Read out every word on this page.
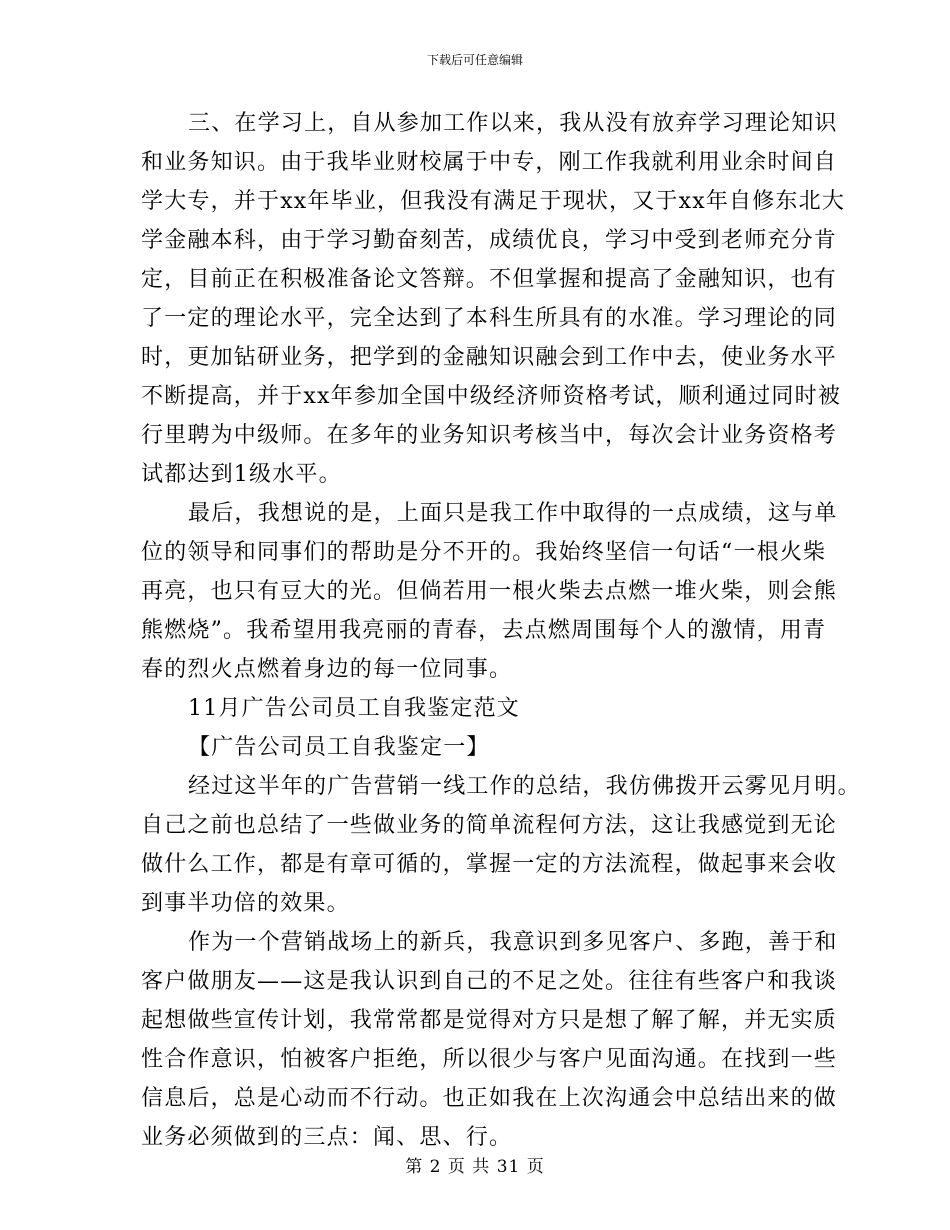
下载后可任意编辑
三、在学习上，自从参加工作以来，我从没有放弃学习理论知识
和业务知识。由于我毕业财校属于中专，刚工作我就利用业余时间自
学大专，并于xx年毕业，但我没有满足于现状，又于xx年自修东北大
学金融本科，由于学习勤奋刻苦，成绩优良，学习中受到老师充分肯
定，目前正在积极准备论文答辩。不但掌握和提高了金融知识，也有
了一定的理论水平，完全达到了本科生所具有的水准。学习理论的同
时，更加钻研业务，把学到的金融知识融会到工作中去，使业务水平
不断提高，并于xx年参加全国中级经济师资格考试，顺利通过同时被
行里聘为中级师。在多年的业务知识考核当中，每次会计业务资格考
试都达到1级水平。
最后，我想说的是，上面只是我工作中取得的一点成绩，这与单
位的领导和同事们的帮助是分不开的。我始终坚信一句话“一根火柴
再亮，也只有豆大的光。但倘若用一根火柴去点燃一堆火柴，则会熊
熊燃烧”。我希望用我亮丽的青春，去点燃周围每个人的激情，用青
春的烈火点燃着身边的每一位同事。
11月广告公司员工自我鉴定范文
【广告公司员工自我鉴定一】
经过这半年的广告营销一线工作的总结，我仿佛拨开云雾见月明。
自己之前也总结了一些做业务的简单流程何方法，这让我感觉到无论
做什么工作，都是有章可循的，掌握一定的方法流程，做起事来会收
到事半功倍的效果。
作为一个营销战场上的新兵，我意识到多见客户、多跑，善于和
客户做朋友——这是我认识到自己的不足之处。往往有些客户和我谈
起想做些宣传计划，我常常都是觉得对方只是想了解了解，并无实质
性合作意识，怕被客户拒绝，所以很少与客户见面沟通。在找到一些
信息后，总是心动而不行动。也正如我在上次沟通会中总结出来的做
业务必须做到的三点：闻、思、行。
第 2 页 共 31 页
